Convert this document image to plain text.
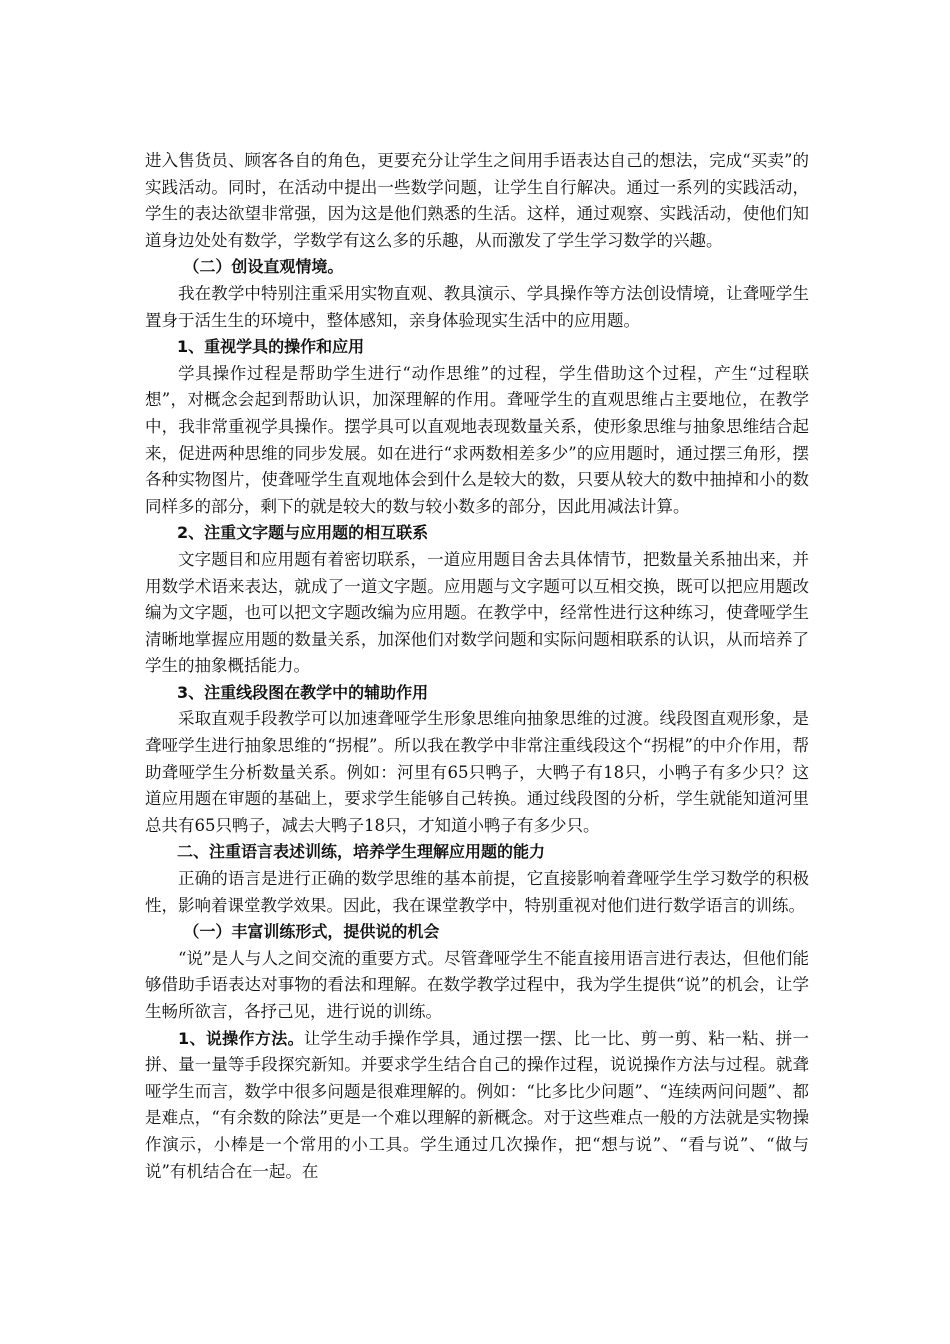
进入售货员、顾客各自的角色，更要充分让学生之间用手语表达自己的想法，完成“买卖”的实践活动。同时，在活动中提出一些数学问题，让学生自行解决。通过一系列的实践活动，学生的表达欲望非常强，因为这是他们熟悉的生活。这样，通过观察、实践活动，使他们知道身边处处有数学，学数学有这么多的乐趣，从而激发了学生学习数学的兴趣。

（二）创设直观情境。

我在教学中特别注重采用实物直观、教具演示、学具操作等方法创设情境，让聋哑学生置身于活生生的环境中，整体感知，亲身体验现实生活中的应用题。

1、重视学具的操作和应用

学具操作过程是帮助学生进行“动作思维”的过程，学生借助这个过程，产生“过程联想”，对概念会起到帮助认识，加深理解的作用。聋哑学生的直观思维占主要地位，在教学中，我非常重视学具操作。摆学具可以直观地表现数量关系，使形象思维与抽象思维结合起来，促进两种思维的同步发展。如在进行“求两数相差多少”的应用题时，通过摆三角形，摆各种实物图片，使聋哑学生直观地体会到什么是较大的数，只要从较大的数中抽掉和小的数同样多的部分，剩下的就是较大的数与较小数多的部分，因此用减法计算。

2、注重文字题与应用题的相互联系

文字题目和应用题有着密切联系，一道应用题目舍去具体情节，把数量关系抽出来，并用数学术语来表达，就成了一道文字题。应用题与文字题可以互相交换，既可以把应用题改编为文字题，也可以把文字题改编为应用题。在教学中，经常性进行这种练习，使聋哑学生清晰地掌握应用题的数量关系，加深他们对数学问题和实际问题相联系的认识，从而培养了学生的抽象概括能力。

3、注重线段图在教学中的辅助作用

采取直观手段教学可以加速聋哑学生形象思维向抽象思维的过渡。线段图直观形象，是聋哑学生进行抽象思维的“拐棍”。所以我在教学中非常注重线段这个“拐棍”的中介作用，帮助聋哑学生分析数量关系。例如：河里有65只鸭子，大鸭子有18只，小鸭子有多少只？这道应用题在审题的基础上，要求学生能够自己转换。通过线段图的分析，学生就能知道河里总共有65只鸭子，减去大鸭子18只，才知道小鸭子有多少只。

二、注重语言表述训练，培养学生理解应用题的能力

正确的语言是进行正确的数学思维的基本前提，它直接影响着聋哑学生学习数学的积极性，影响着课堂教学效果。因此，我在课堂教学中，特别重视对他们进行数学语言的训练。

（一）丰富训练形式，提供说的机会

“说”是人与人之间交流的重要方式。尽管聋哑学生不能直接用语言进行表达，但他们能够借助手语表达对事物的看法和理解。在数学教学过程中，我为学生提供“说”的机会，让学生畅所欲言，各抒己见，进行说的训练。

1、说操作方法。让学生动手操作学具，通过摆一摆、比一比、剪一剪、粘一粘、拼一拼、量一量等手段探究新知。并要求学生结合自己的操作过程，说说操作方法与过程。就聋哑学生而言，数学中很多问题是很难理解的。例如：“比多比少问题”、“连续两问问题”、都是难点，“有余数的除法”更是一个难以理解的新概念。对于这些难点一般的方法就是实物操作演示，小棒是一个常用的小工具。学生通过几次操作，把“想与说”、“看与说”、“做与说”有机结合在一起。在
